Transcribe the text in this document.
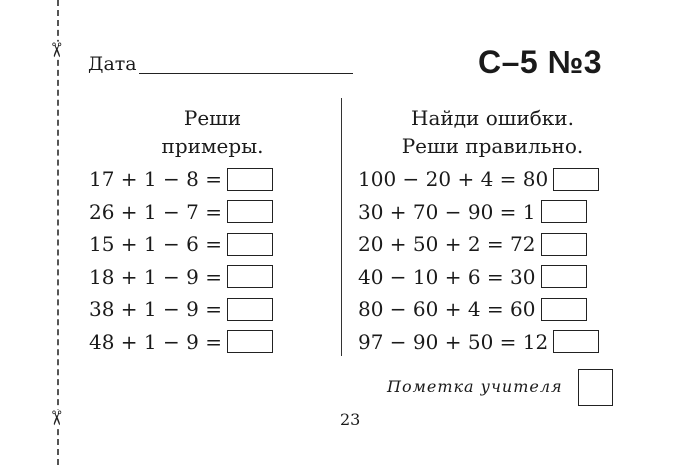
✂
✂
Дата	С–5 №3
Реши
примеры.
Найди ошибки.
Реши правильно.
17 + 1 − 8 =
26 + 1 − 7 =
15 + 1 − 6 =
18 + 1 − 9 =
38 + 1 − 9 =
48 + 1 − 9 =
100 − 20 + 4 = 80
30 + 70 − 90 = 1
20 + 50 + 2 = 72
40 − 10 + 6 = 30
80 − 60 + 4 = 60
97 − 90 + 50 = 12
Пометка учителя
23
